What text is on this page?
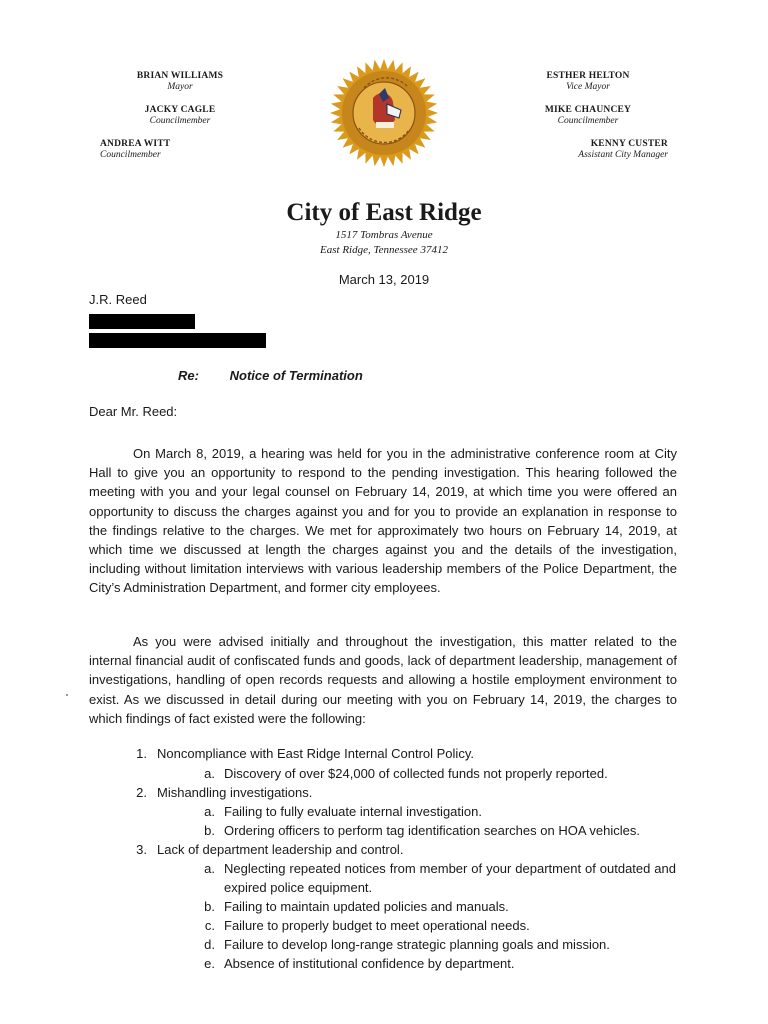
BRIAN WILLIAMS
Mayor
JACKY CAGLE
Councilmember
ANDREA WITT
Councilmember
ESTHER HELTON
Vice Mayor
MIKE CHAUNCEY
Councilmember
KENNY CUSTER
Assistant City Manager
City of East Ridge
1517 Tombras Avenue
East Ridge, Tennessee 37412
March 13, 2019
J.R. Reed
Re: Notice of Termination
Dear Mr. Reed:

On March 8, 2019, a hearing was held for you in the administrative conference room at City Hall to give you an opportunity to respond to the pending investigation. This hearing followed the meeting with you and your legal counsel on February 14, 2019, at which time you were offered an opportunity to discuss the charges against you and for you to provide an explanation in response to the findings relative to the charges. We met for approximately two hours on February 14, 2019, at which time we discussed at length the charges against you and the details of the investigation, including without limitation interviews with various leadership members of the Police Department, the City’s Administration Department, and former city employees.

As you were advised initially and throughout the investigation, this matter related to the internal financial audit of confiscated funds and goods, lack of department leadership, management of investigations, handling of open records requests and allowing a hostile employment environment to exist. As we discussed in detail during our meeting with you on February 14, 2019, the charges to which findings of fact existed were the following:

1. Noncompliance with East Ridge Internal Control Policy.
a. Discovery of over $24,000 of collected funds not properly reported.
2. Mishandling investigations.
a. Failing to fully evaluate internal investigation.
b. Ordering officers to perform tag identification searches on HOA vehicles.
3. Lack of department leadership and control.
a. Neglecting repeated notices from member of your department of outdated and expired police equipment.
b. Failing to maintain updated policies and manuals.
c. Failure to properly budget to meet operational needs.
d. Failure to develop long-range strategic planning goals and mission.
e. Absence of institutional confidence by department.
